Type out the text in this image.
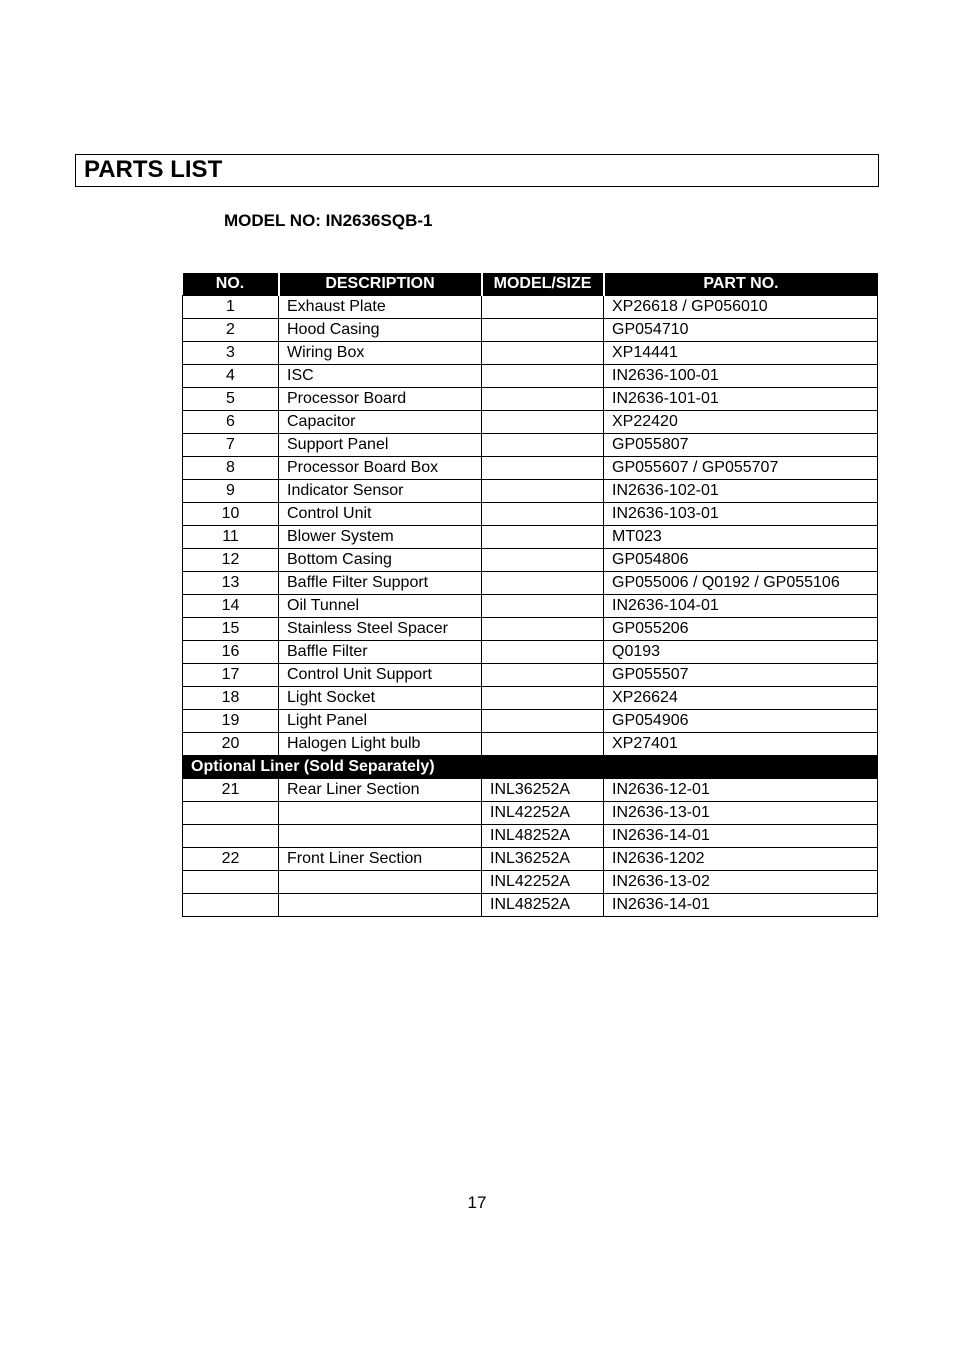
PARTS LIST
MODEL NO: IN2636SQB-1
NO.	DESCRIPTION	MODEL/SIZE	PART NO.
1	Exhaust Plate		XP26618 / GP056010
2	Hood Casing		GP054710
3	Wiring Box		XP14441
4	ISC		IN2636-100-01
5	Processor Board		IN2636-101-01
6	Capacitor		XP22420
7	Support Panel		GP055807
8	Processor Board Box		GP055607 / GP055707
9	Indicator Sensor		IN2636-102-01
10	Control Unit		IN2636-103-01
11	Blower System		MT023
12	Bottom Casing		GP054806
13	Baffle Filter Support		GP055006 / Q0192 / GP055106
14	Oil Tunnel		IN2636-104-01
15	Stainless Steel Spacer		GP055206
16	Baffle Filter		Q0193
17	Control Unit Support		GP055507
18	Light Socket		XP26624
19	Light Panel		GP054906
20	Halogen Light bulb		XP27401
Optional Liner (Sold Separately)			
21	Rear Liner Section	INL36252A	IN2636-12-01
		INL42252A	IN2636-13-01
		INL48252A	IN2636-14-01
22	Front Liner Section	INL36252A	IN2636-1202
		INL42252A	IN2636-13-02
		INL48252A	IN2636-14-01
17
